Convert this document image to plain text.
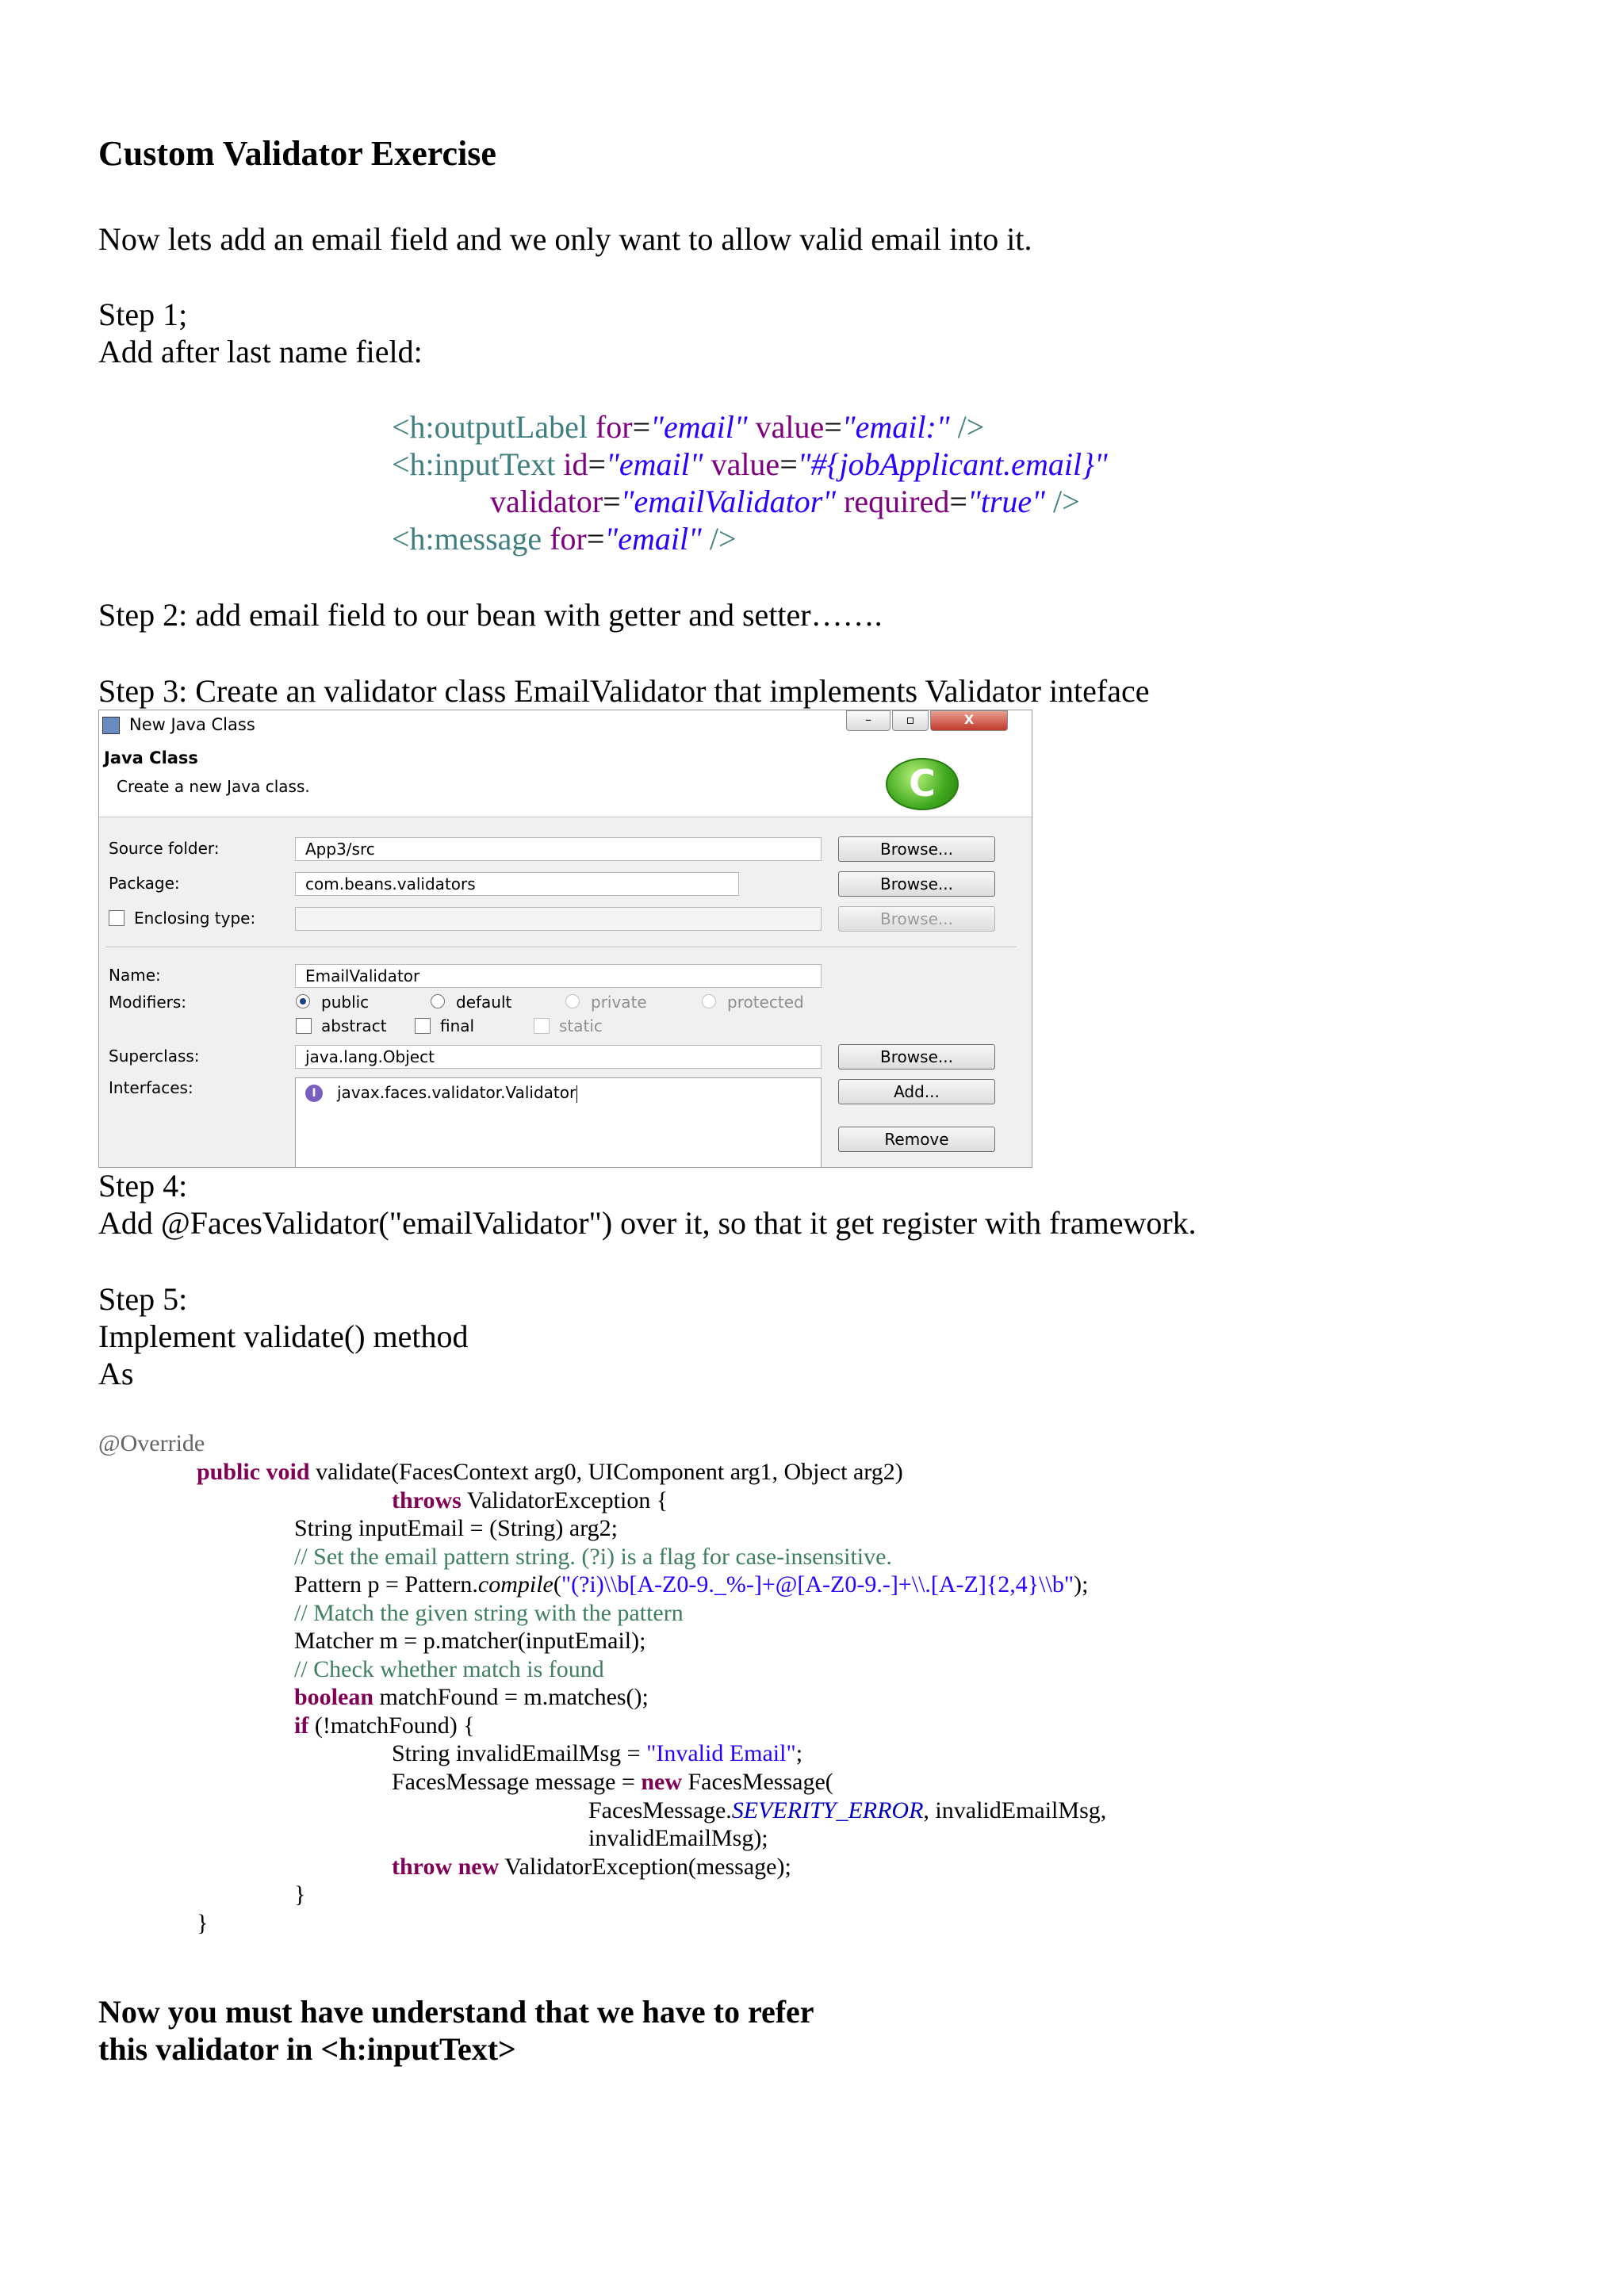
Custom Validator Exercise
Now lets add an email field and we only want to allow valid email into it.
Step 1;
Add after last name field:
<h:outputLabel for="email" value="email:" />
<h:inputText id="email" value="#{jobApplicant.email}"
validator="emailValidator" required="true" />
<h:message for="email" />
Step 2: add email field to our bean with getter and setter…….
Step 3: Create an validator class EmailValidator that implements Validator inteface
New Java Class	–	▫	X
Java Class
Create a new Java class.	C
Source folder:	App3/src	Browse...
Package:	com.beans.validators	Browse...
Enclosing type:	Browse...
Name:	EmailValidator
Modifiers:	public	default	private	protected
abstract	final	static
Superclass:	java.lang.Object	Browse...
Interfaces:	I	javax.faces.validator.Validator	Add...
Remove
Step 4:
Add @FacesValidator("emailValidator") over it, so that it get register with framework.
Step 5:
Implement validate() method
As
@Override
public void validate(FacesContext arg0, UIComponent arg1, Object arg2)
throws ValidatorException {
String inputEmail = (String) arg2;
// Set the email pattern string. (?i) is a flag for case-insensitive.
Pattern p = Pattern.compile("(?i)\\b[A-Z0-9._%-]+@[A-Z0-9.-]+\\.[A-Z]{2,4}\\b");
// Match the given string with the pattern
Matcher m = p.matcher(inputEmail);
// Check whether match is found
boolean matchFound = m.matches();
if (!matchFound) {
String invalidEmailMsg = "Invalid Email";
FacesMessage message = new FacesMessage(
FacesMessage.SEVERITY_ERROR, invalidEmailMsg,
invalidEmailMsg);
throw new ValidatorException(message);
}
}
Now you must have understand that we have to refer
this validator in <h:inputText>
